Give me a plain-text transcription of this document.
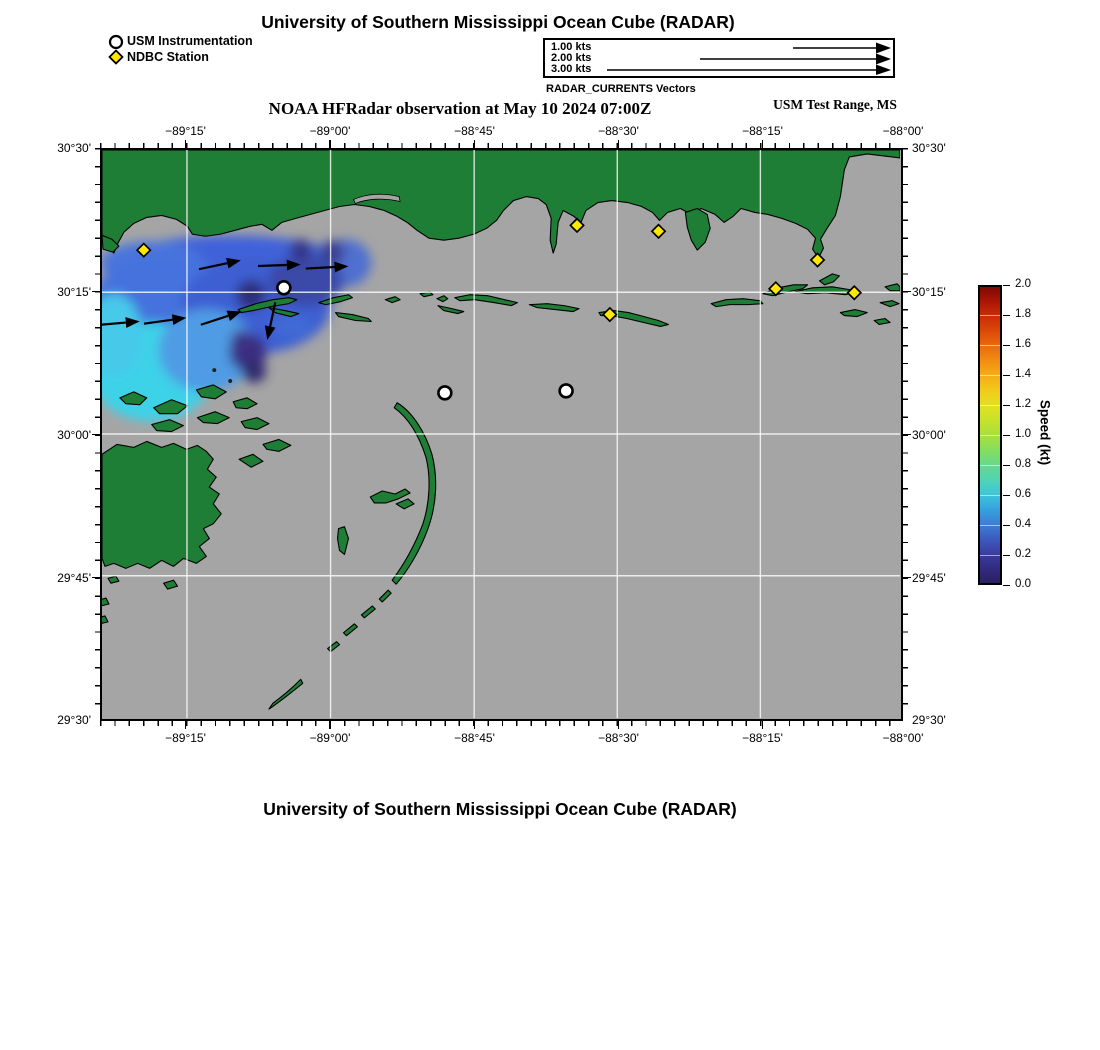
University of Southern Mississippi Ocean Cube (RADAR)
USM Instrumentation
NDBC Station
1.00 kts
2.00 kts
3.00 kts
RADAR_CURRENTS Vectors
NOAA HFRadar observation at May 10 2024 07:00Z	USM Test Range, MS
−89°15'	−89°00'	−88°45'	−88°30'	−88°15'	−88°00'
−89°15'	−89°00'	−88°45'	−88°30'	−88°15'	−88°00'
30°30'
30°15'
30°00'
29°45'
29°30'
30°30'
30°15'
30°00'
29°45'
29°30'
2.0
1.8
1.6
1.4
1.2
1.0
0.8
0.6
0.4
0.2
0.0
Speed (kt)
University of Southern Mississippi Ocean Cube (RADAR)
